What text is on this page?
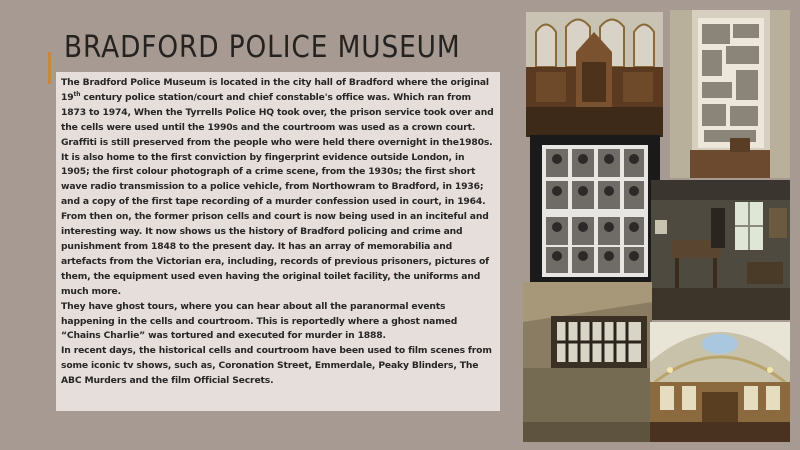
BRADFORD POLICE MUSEUM

The Bradford Police Museum is located in the city hall of Bradford where the original 19th century police station/court and chief constable's office was. Which ran from 1873 to 1974, When the Tyrrells Police HQ took over, the prison service took over and the cells were used until the 1990s and the courtroom was used as a crown court. Graffiti is still preserved from the people who were held there overnight in the1980s. It is also home to the first conviction by fingerprint evidence outside London, in 1905; the first colour photograph of a crime scene, from the 1930s; the first short wave radio transmission to a police vehicle, from Northowram to Bradford, in 1936; and a copy of the first tape recording of a murder confession used in court, in 1964.

From then on, the former prison cells and court is now being used in an inciteful and interesting way. It now shows us the history of Bradford policing and crime and punishment from 1848 to the present day. It has an array of memorabilia and artefacts from the Victorian era, including, records of previous prisoners, pictures of them, the equipment used even having the original toilet facility, the uniforms and much more.

They have ghost tours, where you can hear about all the paranormal events happening in the cells and courtroom. This is reportedly where a ghost named “Chains Charlie” was tortured and executed for murder in 1888.

In recent days, the historical cells and courtroom have been used to film scenes from some iconic tv shows, such as, Coronation Street, Emmerdale, Peaky Blinders, The ABC Murders and the film Official Secrets.
